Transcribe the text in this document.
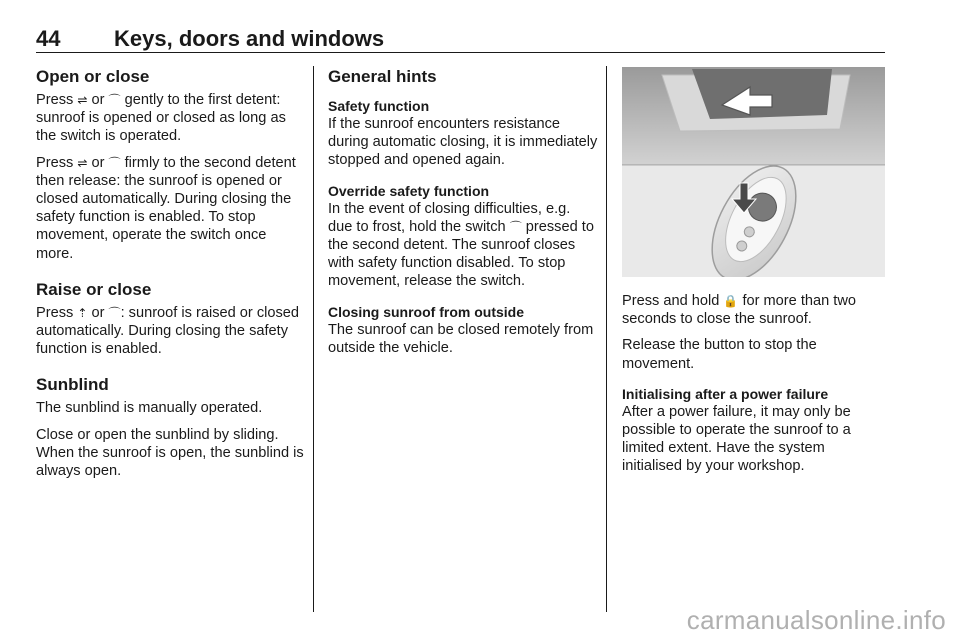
44 Keys, doors and windows
Open or close

Press ⇌ or ⌒ gently to the first detent: sunroof is opened or closed as long as the switch is operated.

Press ⇌ or ⌒ firmly to the second detent then release: the sunroof is opened or closed automatically. During closing the safety function is enabled. To stop movement, operate the switch once more.

Raise or close

Press ⇡ or ⌒: sunroof is raised or closed automatically. During closing the safety function is enabled.

Sunblind

The sunblind is manually operated.

Close or open the sunblind by sliding. When the sunroof is open, the sunblind is always open.

General hints
Safety function

If the sunroof encounters resistance during automatic closing, it is immediately stopped and opened again.

Override safety function

In the event of closing difficulties, e.g. due to frost, hold the switch ⌒ pressed to the second detent. The sunroof closes with safety function disabled. To stop movement, release the switch.

Closing sunroof from outside

The sunroof can be closed remotely from outside the vehicle.

Press and hold 🔒 for more than two seconds to close the sunroof.

Release the button to stop the movement.

Initialising after a power failure

After a power failure, it may only be possible to operate the sunroof to a limited extent. Have the system initialised by your workshop.

carmanualsonline.info
